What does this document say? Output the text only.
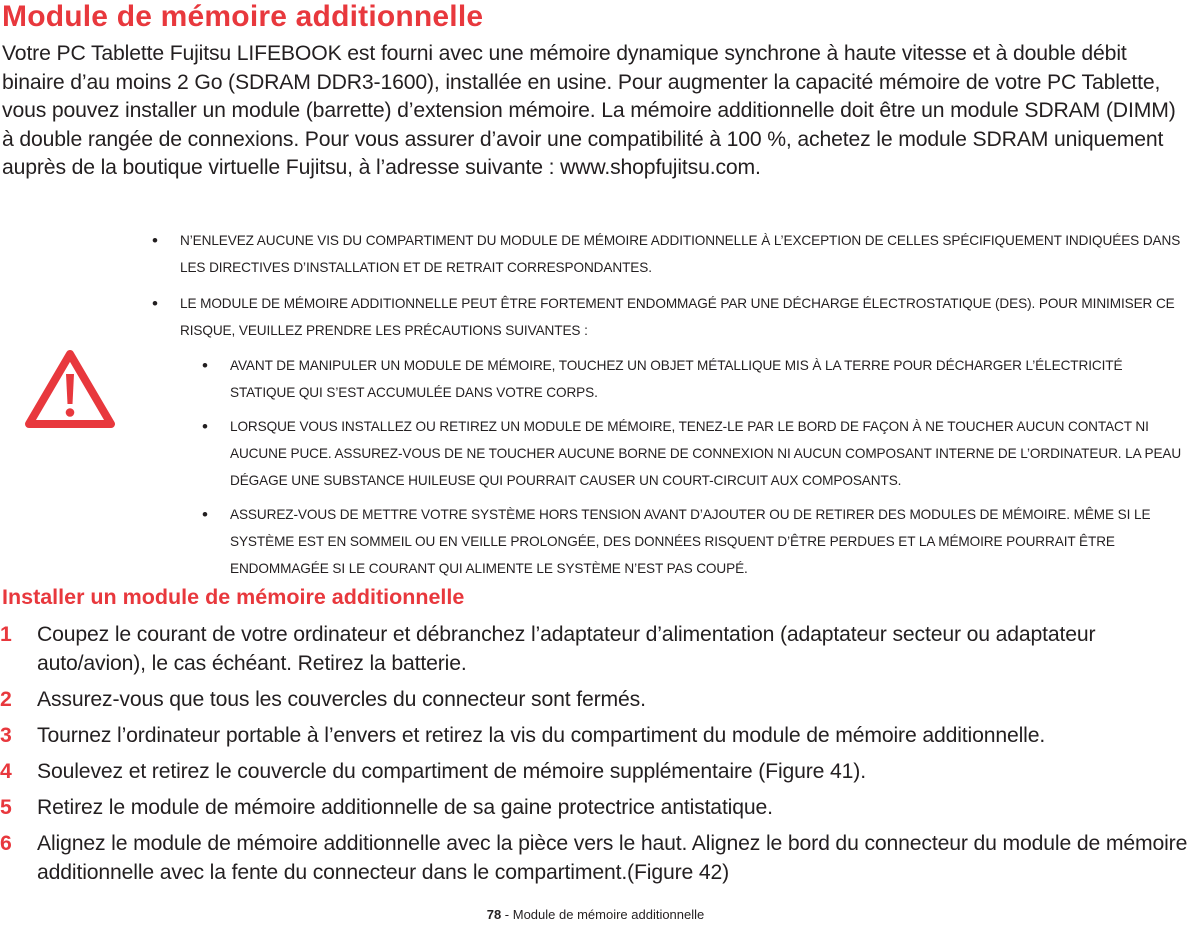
Module de mémoire additionnelle

Votre PC Tablette Fujitsu LIFEBOOK est fourni avec une mémoire dynamique synchrone à haute vitesse et à double débit binaire d’au moins 2 Go (SDRAM DDR3-1600), installée en usine. Pour augmenter la capacité mémoire de votre PC Tablette, vous pouvez installer un module (barrette) d’extension mémoire. La mémoire additionnelle doit être un module SDRAM (DIMM) à double rangée de connexions. Pour vous assurer d’avoir une compatibilité à 100 %, achetez le module SDRAM uniquement auprès de la boutique virtuelle Fujitsu, à l’adresse suivante : www.shopfujitsu.com.

• N’ENLEVEZ AUCUNE VIS DU COMPARTIMENT DU MODULE DE MÉMOIRE ADDITIONNELLE À L’EXCEPTION DE CELLES SPÉCIFIQUEMENT INDIQUÉES DANS LES DIRECTIVES D’INSTALLATION ET DE RETRAIT CORRESPONDANTES.
• LE MODULE DE MÉMOIRE ADDITIONNELLE PEUT ÊTRE FORTEMENT ENDOMMAGÉ PAR UNE DÉCHARGE ÉLECTROSTATIQUE (DES). POUR MINIMISER CE RISQUE, VEUILLEZ PRENDRE LES PRÉCAUTIONS SUIVANTES :
• AVANT DE MANIPULER UN MODULE DE MÉMOIRE, TOUCHEZ UN OBJET MÉTALLIQUE MIS À LA TERRE POUR DÉCHARGER L’ÉLECTRICITÉ STATIQUE QUI S’EST ACCUMULÉE DANS VOTRE CORPS.
• LORSQUE VOUS INSTALLEZ OU RETIREZ UN MODULE DE MÉMOIRE, TENEZ-LE PAR LE BORD DE FAÇON À NE TOUCHER AUCUN CONTACT NI AUCUNE PUCE. ASSUREZ-VOUS DE NE TOUCHER AUCUNE BORNE DE CONNEXION NI AUCUN COMPOSANT INTERNE DE L’ORDINATEUR. LA PEAU DÉGAGE UNE SUBSTANCE HUILEUSE QUI POURRAIT CAUSER UN COURT-CIRCUIT AUX COMPOSANTS.
• ASSUREZ-VOUS DE METTRE VOTRE SYSTÈME HORS TENSION AVANT D’AJOUTER OU DE RETIRER DES MODULES DE MÉMOIRE. MÊME SI LE SYSTÈME EST EN SOMMEIL OU EN VEILLE PROLONGÉE, DES DONNÉES RISQUENT D’ÊTRE PERDUES ET LA MÉMOIRE POURRAIT ÊTRE ENDOMMAGÉE SI LE COURANT QUI ALIMENTE LE SYSTÈME N’EST PAS COUPÉ.
Installer un module de mémoire additionnelle
1 Coupez le courant de votre ordinateur et débranchez l’adaptateur d’alimentation (adaptateur secteur ou adaptateur auto/avion), le cas échéant. Retirez la batterie.
2 Assurez-vous que tous les couvercles du connecteur sont fermés.
3 Tournez l’ordinateur portable à l’envers et retirez la vis du compartiment du module de mémoire additionnelle.
4 Soulevez et retirez le couvercle du compartiment de mémoire supplémentaire (Figure 41).
5 Retirez le module de mémoire additionnelle de sa gaine protectrice antistatique.
6 Alignez le module de mémoire additionnelle avec la pièce vers le haut. Alignez le bord du connecteur du module de mémoire additionnelle avec la fente du connecteur dans le compartiment.(Figure 42)
78 - Module de mémoire additionnelle
